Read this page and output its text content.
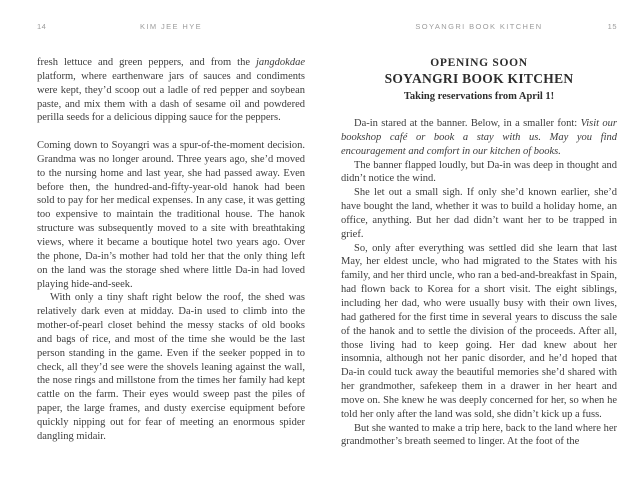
14	KIM JEE HYE

fresh lettuce and green peppers, and from the jangdokdae platform, where earthenware jars of sauces and condiments were kept, they’d scoop out a ladle of red pepper and soybean paste, and mix them with a dash of sesame oil and powdered perilla seeds for a delicious dipping sauce for the peppers.

Coming down to Soyangri was a spur-of-the-moment decision. Grandma was no longer around. Three years ago, she’d moved to the nursing home and last year, she had passed away. Even before then, the hundred-and-fifty-year-old hanok had been sold to pay for her medical expenses. In any case, it was getting too expensive to maintain the traditional house. The hanok structure was subsequently moved to a site with breathtaking views, where it became a boutique hotel two years ago. Over the phone, Da-in’s mother had told her that the only thing left on the land was the storage shed where little Da-in had loved playing hide-and-seek.

With only a tiny shaft right below the roof, the shed was relatively dark even at midday. Da-in used to climb into the mother-of-pearl closet behind the messy stacks of old books and bags of rice, and most of the time she would be the last person standing in the game. Even if the seeker popped in to check, all they’d see were the shovels leaning against the wall, the nose rings and millstone from the times her family had kept cattle on the farm. Their eyes would sweep past the piles of paper, the large frames, and dusty exercise equipment before quickly nipping out for fear of meeting an enormous spider dangling midair.

SOYANGRI BOOK KITCHEN	15
OPENING SOON
SOYANGRI BOOK KITCHEN
Taking reservations from April 1!

Da-in stared at the banner. Below, in a smaller font: Visit our bookshop café or book a stay with us. May you find encouragement and comfort in our kitchen of books.

The banner flapped loudly, but Da-in was deep in thought and didn’t notice the wind.

She let out a small sigh. If only she’d known earlier, she’d have bought the land, whether it was to build a holiday home, an office, anything. But her dad didn’t want her to be trapped in grief.

So, only after everything was settled did she learn that last May, her eldest uncle, who had migrated to the States with his family, and her third uncle, who ran a bed-and-breakfast in Spain, had flown back to Korea for a short visit. The eight siblings, including her dad, who were usually busy with their own lives, had gathered for the first time in several years to discuss the sale of the hanok and to settle the division of the proceeds. After all, those living had to keep going. Her dad knew about her insomnia, although not her panic disorder, and he’d hoped that Da-in could tuck away the beautiful memories she’d shared with her grandmother, safekeep them in a drawer in her heart and move on. She knew he was deeply concerned for her, so when he told her only after the land was sold, she didn’t kick up a fuss.

But she wanted to make a trip here, back to the land where her grandmother’s breath seemed to linger. At the foot of the
